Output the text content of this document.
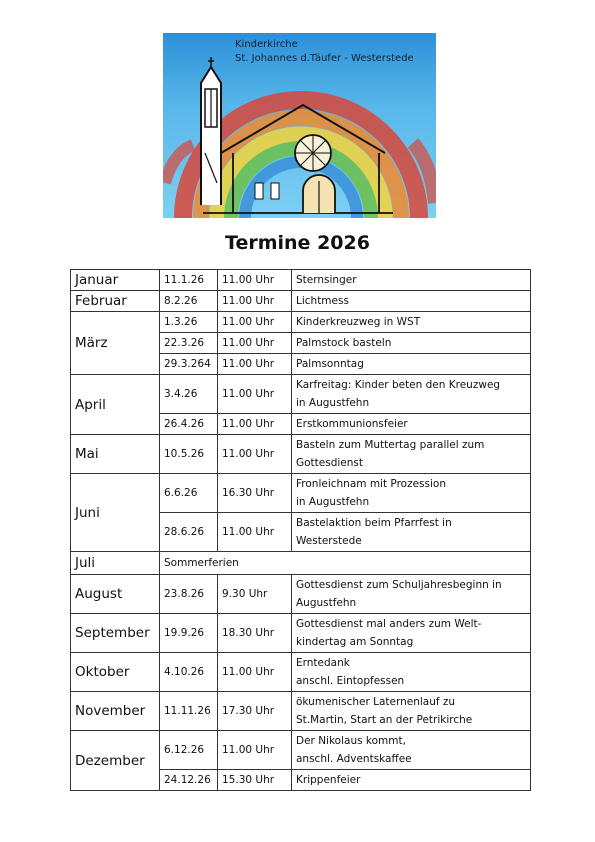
Kinderkirche
St. Johannes d.Täufer - Westerstede
Termine 2026
Januar	11.1.26	11.00 Uhr	Sternsinger

Februar	8.2.26	11.00 Uhr	Lichtmess

März	1.3.26	11.00 Uhr	Kinderkreuzweg in WST

	22.3.26	11.00 Uhr	Palmstock basteln

	29.3.264	11.00 Uhr	Palmsonntag

April	3.4.26	11.00 Uhr	Karfreitag: Kinder beten den Kreuzweg
in Augustfehn

	26.4.26	11.00 Uhr	Erstkommunionsfeier

Mai	10.5.26	11.00 Uhr	Basteln zum Muttertag parallel zum
Gottesdienst

Juni	6.6.26	16.30 Uhr	Fronleichnam mit Prozession
in Augustfehn

	28.6.26	11.00 Uhr	Bastelaktion beim Pfarrfest in
Westerstede

Juli	Sommerferien		
August	23.8.26	9.30 Uhr	Gottesdienst zum Schuljahresbeginn in
Augustfehn

September	19.9.26	18.30 Uhr	Gottesdienst mal anders zum Welt-
kindertag am Sonntag

Oktober	4.10.26	11.00 Uhr	Erntedank
anschl. Eintopfessen

November	11.11.26	17.30 Uhr	ökumenischer Laternenlauf zu
St.Martin, Start an der Petrikirche

Dezember	6.12.26	11.00 Uhr	Der Nikolaus kommt,
anschl. Adventskaffee

	24.12.26	15.30 Uhr	Krippenfeier
